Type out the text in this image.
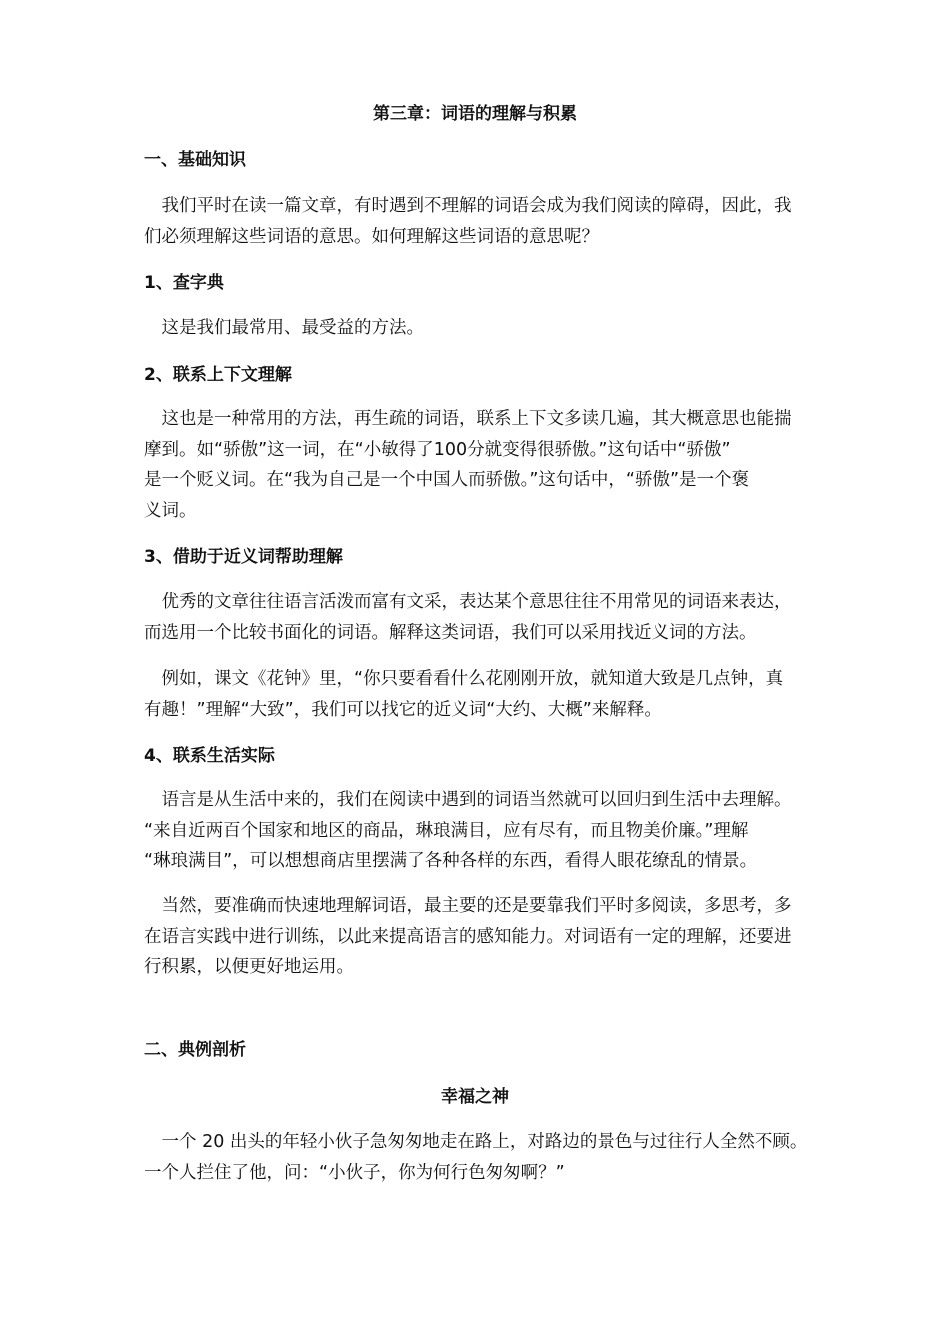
第三章：词语的理解与积累
一、基础知识
　我们平时在读一篇文章，有时遇到不理解的词语会成为我们阅读的障碍，因此，我
们必须理解这些词语的意思。如何理解这些词语的意思呢？
1、查字典
　这是我们最常用、最受益的方法。
2、联系上下文理解
　这也是一种常用的方法，再生疏的词语，联系上下文多读几遍，其大概意思也能揣
摩到。如“骄傲”这一词，在“小敏得了100分就变得很骄傲。”这句话中“骄傲”
是一个贬义词。在“我为自己是一个中国人而骄傲。”这句话中，“骄傲”是一个褒
义词。
3、借助于近义词帮助理解
　优秀的文章往往语言活泼而富有文采，表达某个意思往往不用常见的词语来表达，
而选用一个比较书面化的词语。解释这类词语，我们可以采用找近义词的方法。
　例如，课文《花钟》里，“你只要看看什么花刚刚开放，就知道大致是几点钟，真
有趣！”理解“大致”，我们可以找它的近义词“大约、大概”来解释。
4、联系生活实际
　语言是从生活中来的，我们在阅读中遇到的词语当然就可以回归到生活中去理解。
“来自近两百个国家和地区的商品，琳琅满目，应有尽有，而且物美价廉。”理解
“琳琅满目”，可以想想商店里摆满了各种各样的东西，看得人眼花缭乱的情景。
　当然，要准确而快速地理解词语，最主要的还是要靠我们平时多阅读，多思考，多
在语言实践中进行训练，以此来提高语言的感知能力。对词语有一定的理解，还要进
行积累，以便更好地运用。
二、典例剖析
幸福之神
　一个 20 出头的年轻小伙子急匆匆地走在路上，对路边的景色与过往行人全然不顾。
一个人拦住了他，问：“小伙子，你为何行色匆匆啊？”
